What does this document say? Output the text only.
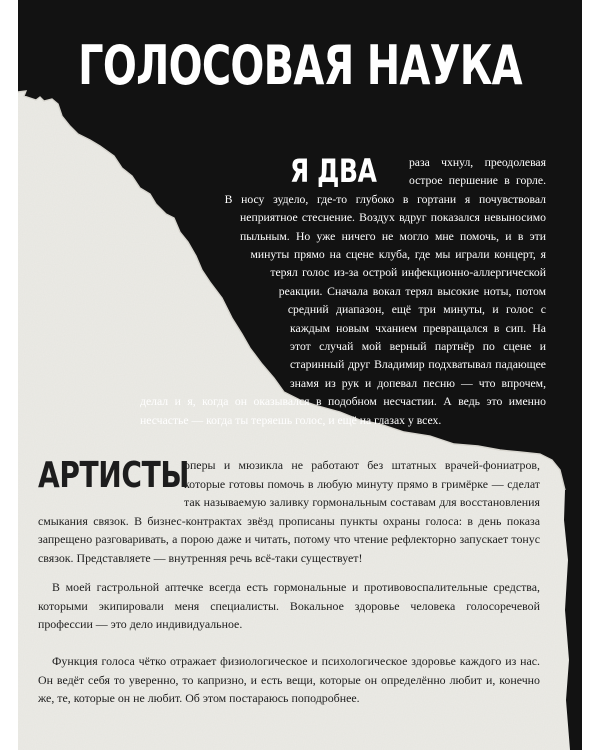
ГОЛОСОВАЯ НАУКА
Я ДВА	раза чхнул, преодолевая острое першение в горле. В носу зудело, где-то глубоко в гортани я почувствовал неприятное стеснение. Воздух вдруг показался невыносимо пыльным. Но уже ничего не могло мне помочь, и в эти минуты прямо на сцене клуба, где мы играли концерт, я терял голос из-за острой инфекционно-аллергической реакции. Сначала вокал терял высокие ноты, потом средний диапазон, ещё три минуты, и голос с каждым новым чханием превращался в сип. На этот случай мой верный партнёр по сцене и старинный друг Владимир подхватывал падающее знамя из рук и допевал песню — что впрочем, делал и я, когда он оказывался в подобном несчастии. А ведь это именно несчастье — когда ты теряешь голос, и ещё на глазах у всех.

АРТИСТЫ
оперы и мюзикла не работают без штатных врачей-фониатров, которые готовы помочь в любую минуту прямо в гримёрке — сделат так называемую заливку гормональным составам для восстановления смыкания связок. В бизнес-контрактах звёзд прописаны пункты охраны голоса: в день показа запрещено разговаривать, а порою даже и читать, потому что чтение рефлекторно запускает тонус связок. Представляете — внутренняя речь всё-таки существует!

В моей гастрольной аптечке всегда есть гормональные и противовоспалительные средства, которыми экипировали меня специалисты. Вокальное здоровье человека голосоречевой профессии — это дело индивидуальное.

Функция голоса чётко отражает физиологическое и психологическое здоровье каждого из нас. Он ведёт себя то уверенно, то капризно, и есть вещи, которые он определённо любит и, конечно же, те, которые он не любит. Об этом постараюсь поподробнее.
